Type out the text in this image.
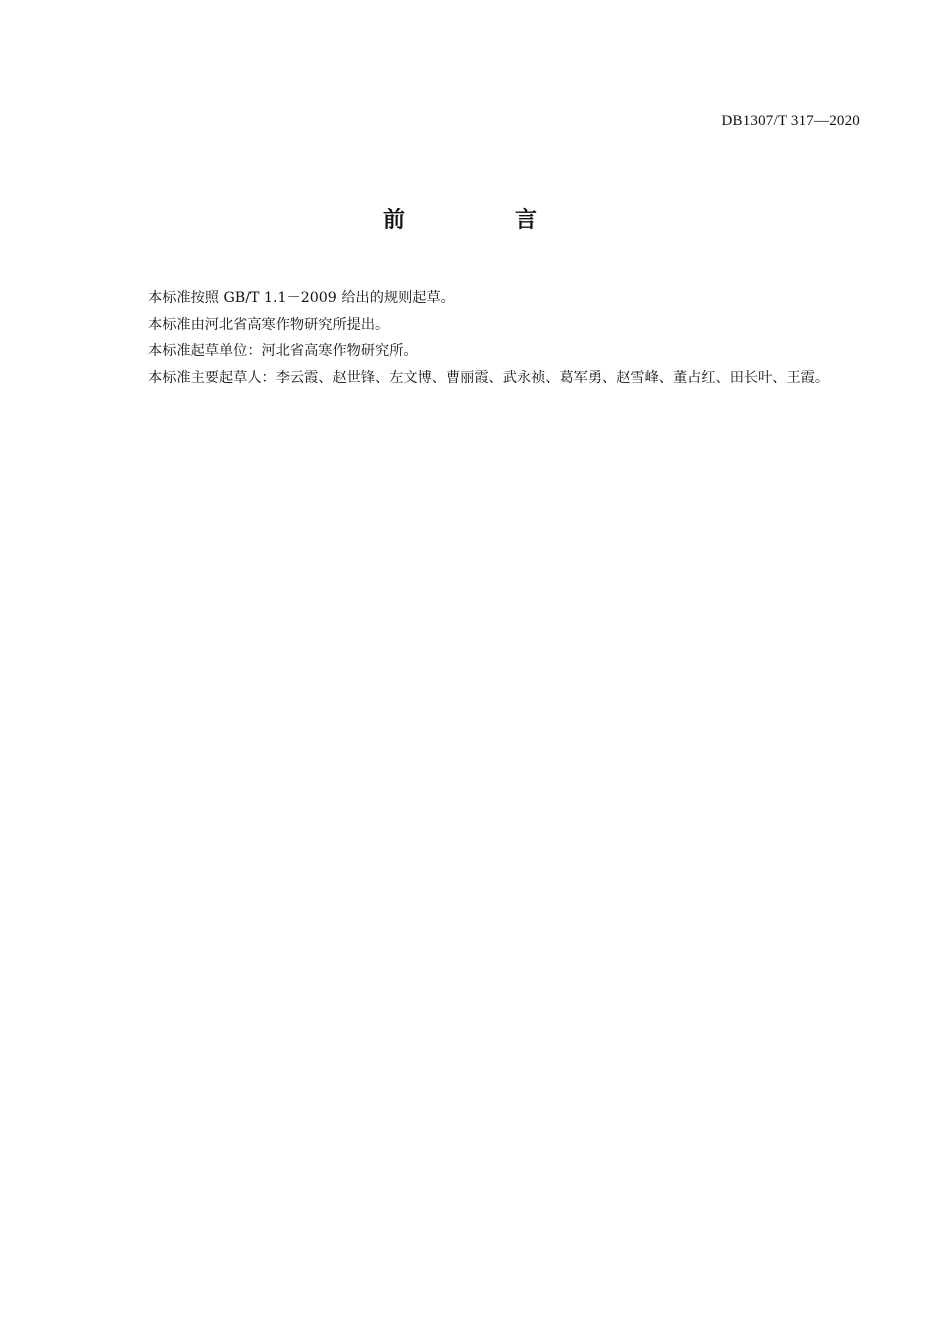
DB1307/T 317—2020
前　言

本标准按照 GB/T 1.1－2009 给出的规则起草。

本标准由河北省高寒作物研究所提出。

本标准起草单位：河北省高寒作物研究所。

本标准主要起草人：李云霞、赵世锋、左文博、曹丽霞、武永祯、葛军勇、赵雪峰、董占红、田长叶、王霞。
